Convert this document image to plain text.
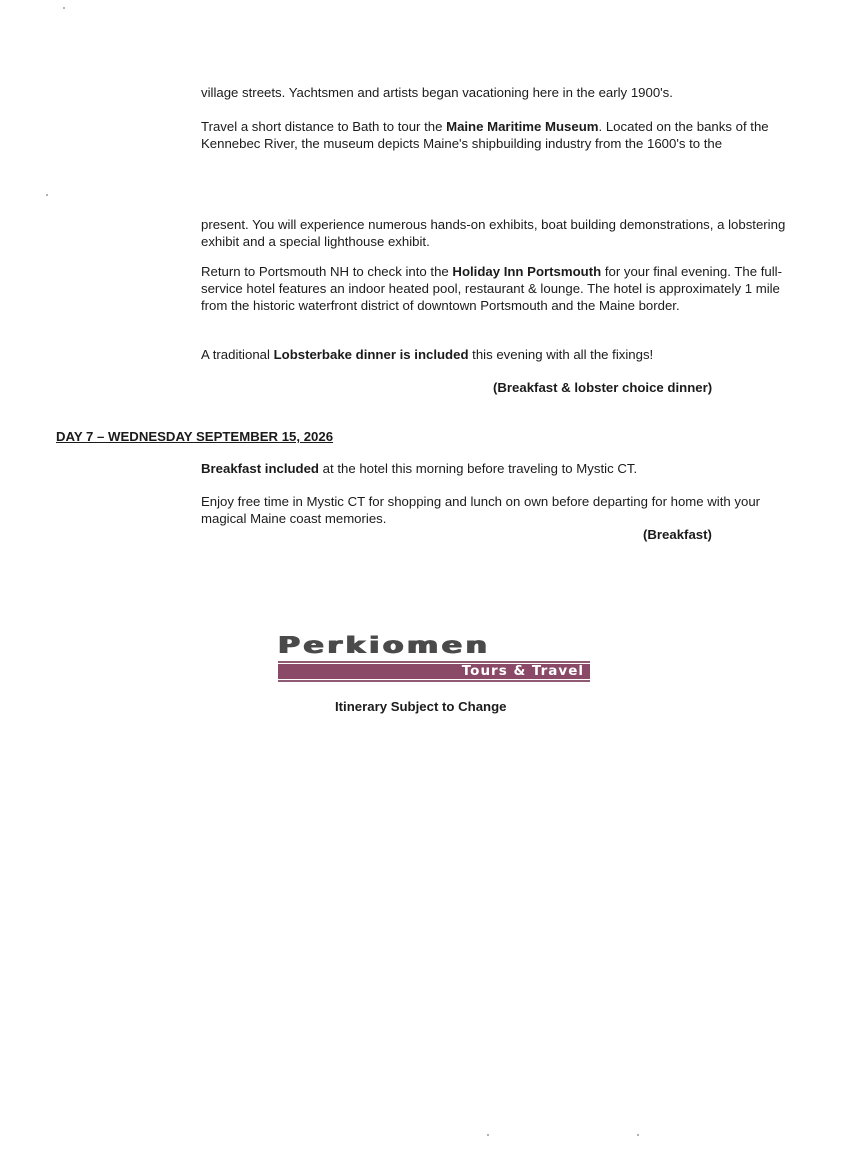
village streets. Yachtsmen and artists began vacationing here in the early 1900's.

Travel a short distance to Bath to tour the Maine Maritime Museum. Located on the banks of the Kennebec River, the museum depicts Maine's shipbuilding industry from the 1600's to the

present. You will experience numerous hands-on exhibits, boat building demonstrations, a lobstering exhibit and a special lighthouse exhibit.

Return to Portsmouth NH to check into the Holiday Inn Portsmouth for your final evening. The full-service hotel features an indoor heated pool, restaurant & lounge. The hotel is approximately 1 mile from the historic waterfront district of downtown Portsmouth and the Maine border.

A traditional Lobsterbake dinner is included this evening with all the fixings!

(Breakfast & lobster choice dinner)
DAY 7 – WEDNESDAY SEPTEMBER 15, 2026

Breakfast included at the hotel this morning before traveling to Mystic CT.

Enjoy free time in Mystic CT for shopping and lunch on own before departing for home with your magical Maine coast memories.

(Breakfast)
Perkiomen
Tours & Travel
Itinerary Subject to Change
